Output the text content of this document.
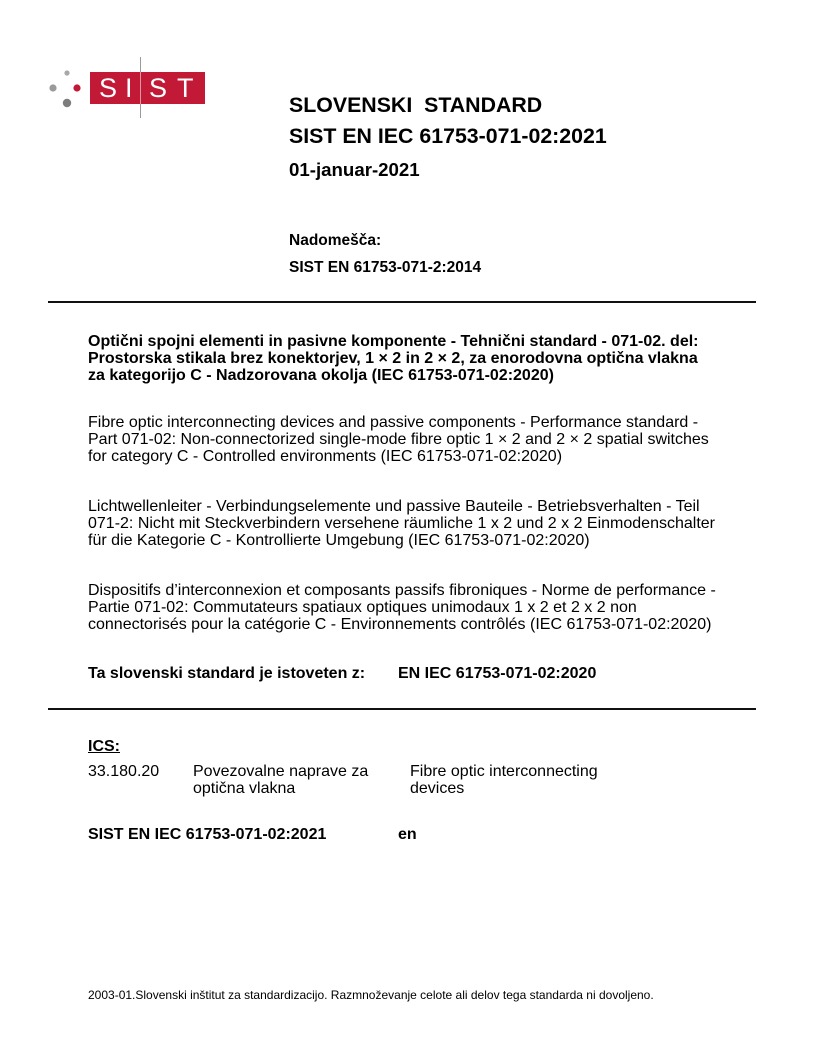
S I S T
SLOVENSKI  STANDARD
SIST EN IEC 61753-071-02:2021
01-januar-2021
Nadomešča:
SIST EN 61753-071-2:2014
Optični spojni elementi in pasivne komponente - Tehnični standard - 071-02. del:
Prostorska stikala brez konektorjev, 1 × 2 in 2 × 2, za enorodovna optična vlakna
za kategorijo C - Nadzorovana okolja (IEC 61753-071-02:2020)
Fibre optic interconnecting devices and passive components - Performance standard -
Part 071-02: Non-connectorized single-mode fibre optic 1 × 2 and 2 × 2 spatial switches
for category C - Controlled environments (IEC 61753-071-02:2020)
Lichtwellenleiter - Verbindungselemente und passive Bauteile - Betriebsverhalten - Teil
071-2: Nicht mit Steckverbindern versehene räumliche 1 x 2 und 2 x 2 Einmodenschalter
für die Kategorie C - Kontrollierte Umgebung (IEC 61753-071-02:2020)
Dispositifs d’interconnexion et composants passifs fibroniques - Norme de performance -
Partie 071-02: Commutateurs spatiaux optiques unimodaux 1 x 2 et 2 x 2 non
connectorisés pour la catégorie C - Environnements contrôlés (IEC 61753-071-02:2020)
Ta slovenski standard je istoveten z: EN IEC 61753-071-02:2020
ICS:
33.180.20 Povezovalne naprave za
optična vlakna
Fibre optic interconnecting
devices
SIST EN IEC 61753-071-02:2021	en
2003-01.Slovenski inštitut za standardizacijo. Razmnoževanje celote ali delov tega standarda ni dovoljeno.
